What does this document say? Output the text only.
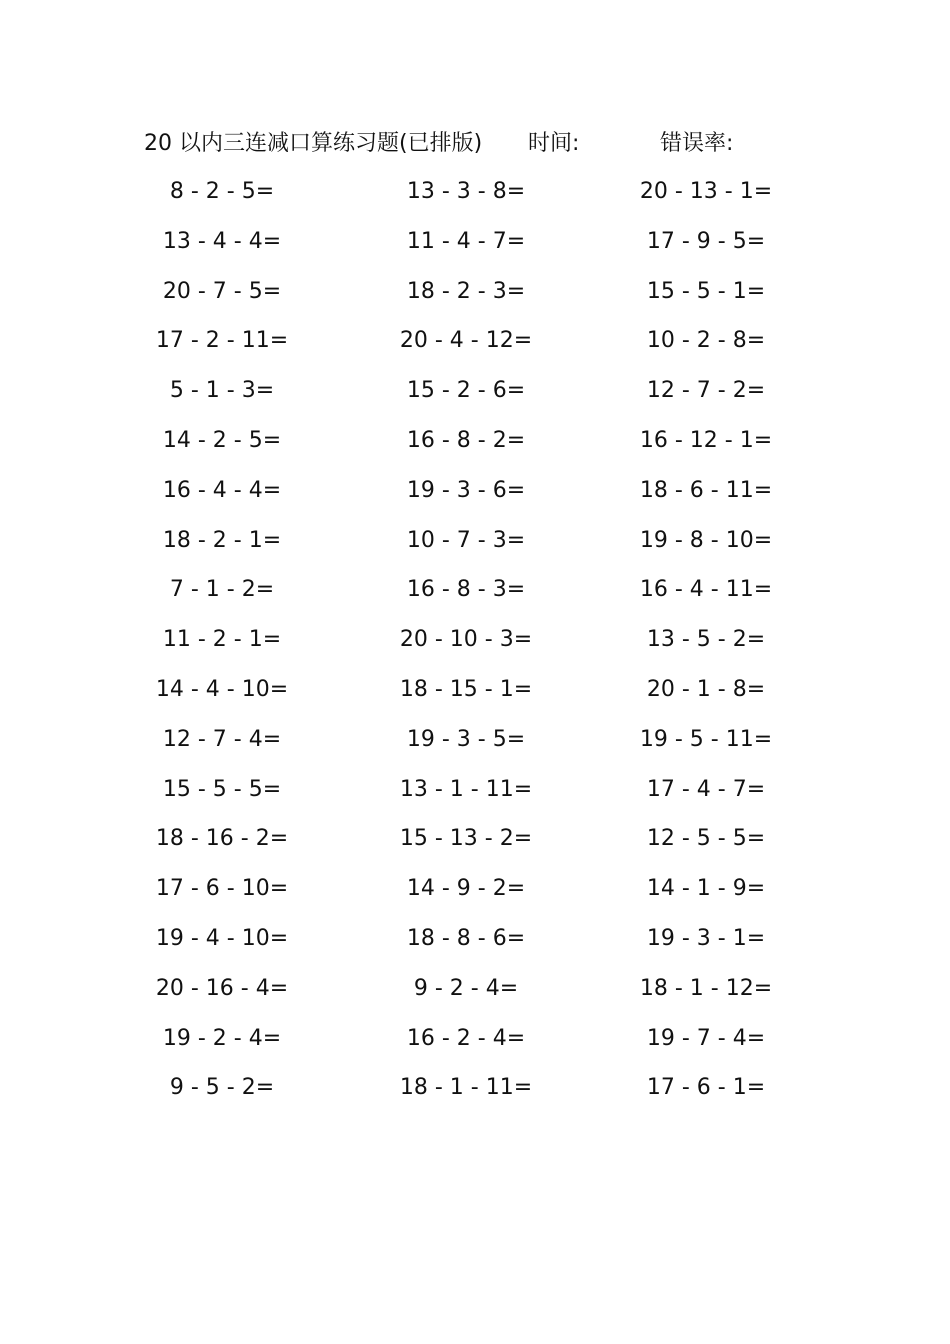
20 以内三连减口算练习题(已排版) 时间:	错误率:
8 - 2 - 5=	13 - 3 - 8=	20 - 13 - 1=
13 - 4 - 4=	11 - 4 - 7=	17 - 9 - 5=
20 - 7 - 5=	18 - 2 - 3=	15 - 5 - 1=
17 - 2 - 11=	20 - 4 - 12=	10 - 2 - 8=
5 - 1 - 3=	15 - 2 - 6=	12 - 7 - 2=
14 - 2 - 5=	16 - 8 - 2=	16 - 12 - 1=
16 - 4 - 4=	19 - 3 - 6=	18 - 6 - 11=
18 - 2 - 1=	10 - 7 - 3=	19 - 8 - 10=
7 - 1 - 2=	16 - 8 - 3=	16 - 4 - 11=
11 - 2 - 1=	20 - 10 - 3=	13 - 5 - 2=
14 - 4 - 10=	18 - 15 - 1=	20 - 1 - 8=
12 - 7 - 4=	19 - 3 - 5=	19 - 5 - 11=
15 - 5 - 5=	13 - 1 - 11=	17 - 4 - 7=
18 - 16 - 2=	15 - 13 - 2=	12 - 5 - 5=
17 - 6 - 10=	14 - 9 - 2=	14 - 1 - 9=
19 - 4 - 10=	18 - 8 - 6=	19 - 3 - 1=
20 - 16 - 4=	9 - 2 - 4=	18 - 1 - 12=
19 - 2 - 4=	16 - 2 - 4=	19 - 7 - 4=
9 - 5 - 2=	18 - 1 - 11=	17 - 6 - 1=
